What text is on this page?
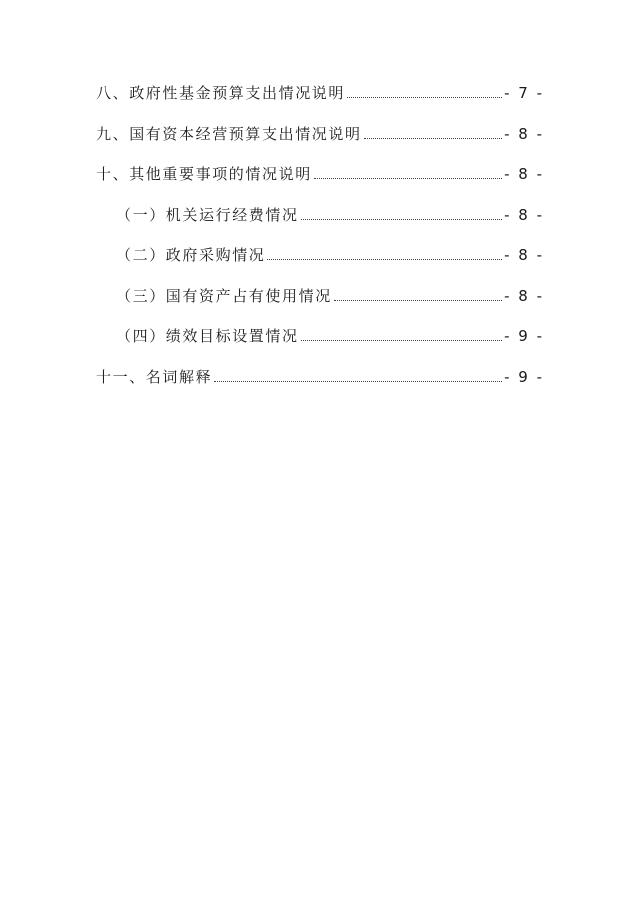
八、政府性基金预算支出情况说明	- 7 -
九、国有资本经营预算支出情况说明	- 8 -
十、其他重要事项的情况说明	- 8 -
（一）机关运行经费情况	- 8 -
（二）政府采购情况	- 8 -
（三）国有资产占有使用情况	- 8 -
（四）绩效目标设置情况	- 9 -
十一、名词解释	- 9 -
